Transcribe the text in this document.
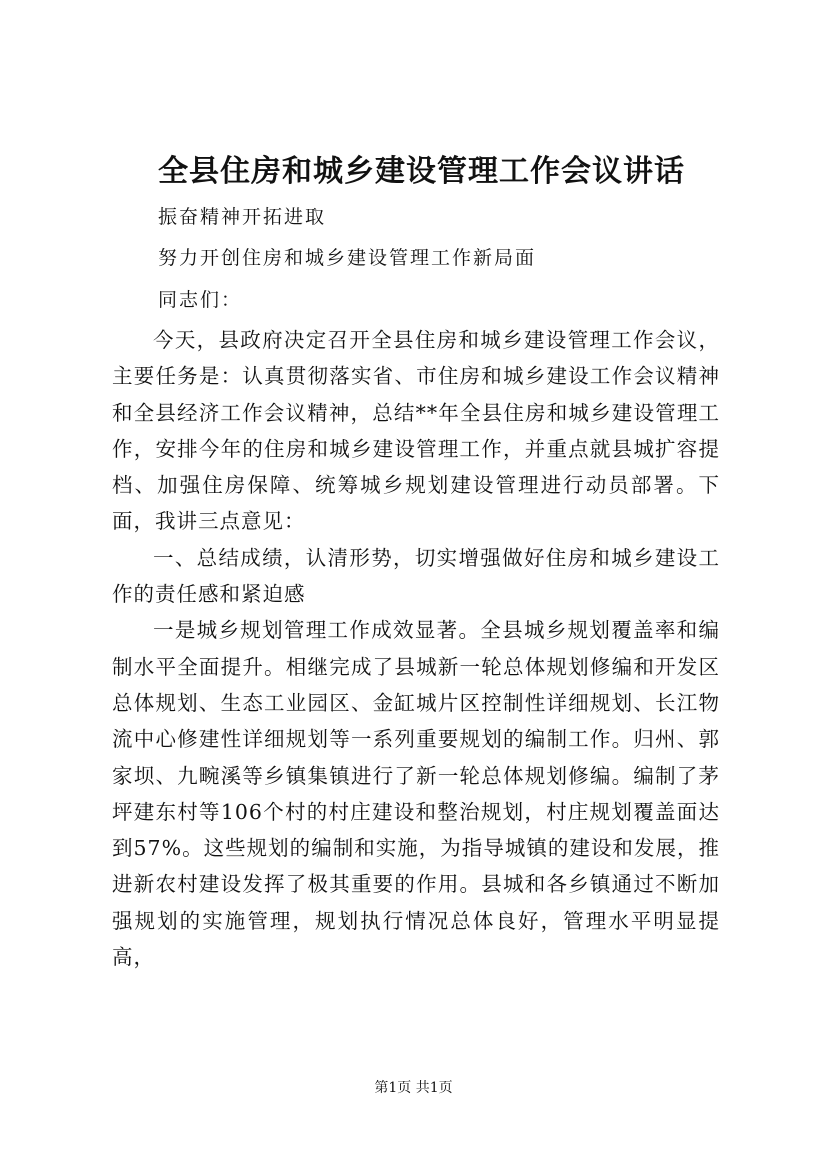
全县住房和城乡建设管理工作会议讲话
振奋精神开拓进取
努力开创住房和城乡建设管理工作新局面
同志们：

今天，县政府决定召开全县住房和城乡建设管理工作会议，主要任务是：认真贯彻落实省、市住房和城乡建设工作会议精神和全县经济工作会议精神，总结**年全县住房和城乡建设管理工作，安排今年的住房和城乡建设管理工作，并重点就县城扩容提档、加强住房保障、统筹城乡规划建设管理进行动员部署。下面，我讲三点意见：

一、总结成绩，认清形势，切实增强做好住房和城乡建设工作的责任感和紧迫感

一是城乡规划管理工作成效显著。全县城乡规划覆盖率和编制水平全面提升。相继完成了县城新一轮总体规划修编和开发区总体规划、生态工业园区、金缸城片区控制性详细规划、长江物流中心修建性详细规划等一系列重要规划的编制工作。归州、郭家坝、九畹溪等乡镇集镇进行了新一轮总体规划修编。编制了茅坪建东村等106个村的村庄建设和整治规划，村庄规划覆盖面达到57%。这些规划的编制和实施，为指导城镇的建设和发展，推进新农村建设发挥了极其重要的作用。县城和各乡镇通过不断加强规划的实施管理，规划执行情况总体良好，管理水平明显提高，

第1页 共1页
